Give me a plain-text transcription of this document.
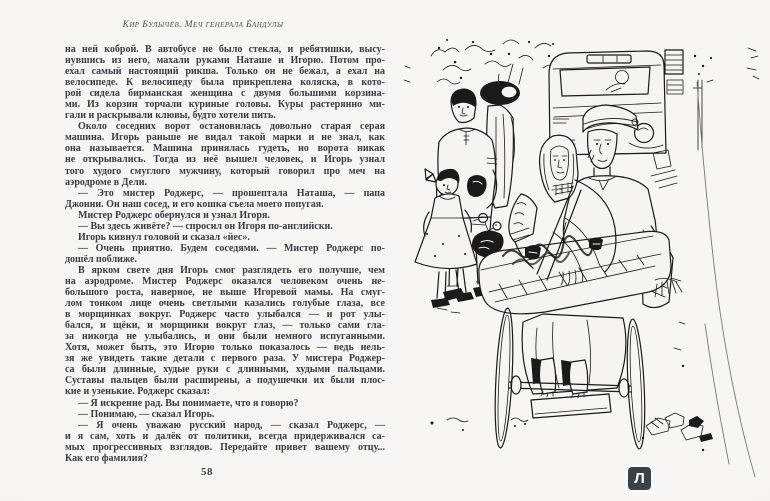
Кир Булычёв. Меч генерала Бандулы
на ней коброй. В автобусе не было стекла, и ребятишки, высу-
нувшись из него, махали руками Наташе и Игорю. Потом про-
ехал самый настоящий рикша. Только он не бежал, а ехал на
велосипеде. К велосипеду была прикреплена коляска, в кото-
рой сидела бирманская женщина с двумя большими корзина-
ми. Из корзин торчали куриные головы. Куры растерянно ми-
гали и раскрывали клювы, будто хотели пить.
Около соседних ворот остановилась довольно старая серая
машина. Игорь раньше не видал такой марки и не знал, как
она называется. Машина принялась гудеть, но ворота никак
не открывались. Тогда из неё вышел человек, и Игорь узнал
того худого смуглого мужчину, который говорил про меч на
аэродроме в Дели.
— Это мистер Роджерс, — прошептала Наташа, — папа
Джонни. Он наш сосед, и его кошка съела моего попугая.
Мистер Роджерс обернулся и узнал Игоря.
— Вы здесь живёте? — спросил он Игоря по-английски.
Игорь кивнул головой и сказал «йес».
— Очень приятно. Будем соседями. — Мистер Роджерс по-
дошёл поближе.
В ярком свете дня Игорь смог разглядеть его получше, чем
на аэродроме. Мистер Роджерс оказался человеком очень не-
большого роста, наверное, не выше Игоревой мамы. На смуг-
лом тонком лице очень светлыми казались голубые глаза, все
в морщинках вокруг. Роджерс часто улыбался — и рот улы-
бался, и щёки, и морщинки вокруг глаз, — только сами гла-
за никогда не улыбались, и они были немного испуганными.
Хотя, может быть, это Игорю только показалось — ведь нель-
зя же увидеть такие детали с первого раза. У мистера Роджер-
са были длинные, худые руки с длинными, худыми пальцами.
Суставы пальцев были расширены, а подушечки их были плос-
кие и узенькие. Роджерс сказал:
— Я искренне рад. Вы понимаете, что я говорю?
— Понимаю, — сказал Игорь.
— Я очень уважаю русский народ, — сказал Роджерс, —
и я сам, хоть и далёк от политики, всегда придерживался са-
мых прогрессивных взглядов. Передайте привет вашему отцу...
Как его фамилия?
58	Л
